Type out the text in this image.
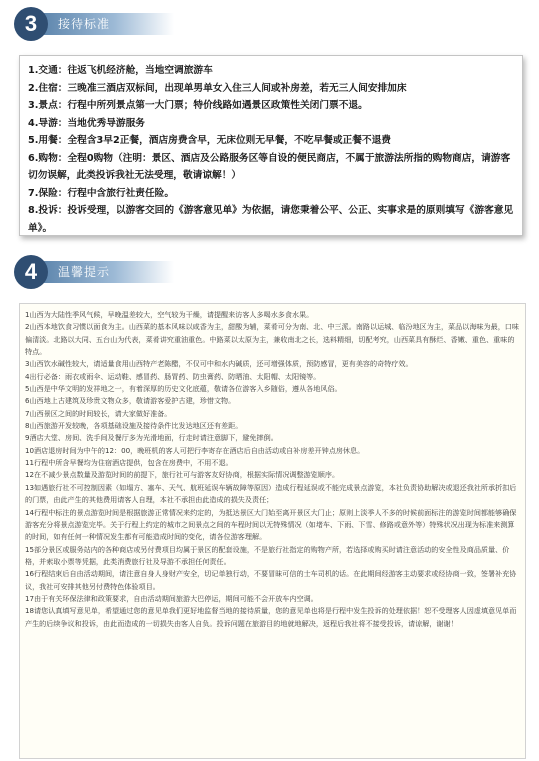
接待标准
3

1.交通：往返飞机经济舱，当地空调旅游车

2.住宿：三晚准三酒店双标间，出现单男单女入住三人间或补房差，若无三人间安排加床

3.景点：行程中所列景点第一大门票；特价线路如遇景区政策性关闭门票不退。

4.导游：当地优秀导游服务

5.用餐：全程含3早2正餐，酒店房费含早，无床位则无早餐，不吃早餐或正餐不退费

6.购物：全程0购物（注明：景区、酒店及公路服务区等自设的便民商店，不属于旅游法所指的购物商店，请游客切勿误解，此类投诉我社无法受理，敬请谅解！）

7.保险：行程中含旅行社责任险。

8.投诉：投诉受理，以游客交回的《游客意见单》为依据，请您秉着公平、公正、实事求是的原则填写《游客意见单》。

温馨提示
4

1山西为大陆性季风气候，早晚温差较大，空气较为干燥，请提醒来访客人多喝水多食水果。

2山西本地饮食习惯以面食为主。山西菜的基本风味以咸香为主，甜酸为辅，菜肴可分为南、北、中三派。南路以运城、临汾地区为主，菜品以海味为最，口味偏清淡。北路以大同、五台山为代表，菜肴讲究重油重色。中路菜以太原为主，兼收南北之长，选料精细，切配考究，山西菜具有酥烂、香嫩、重色、重味的特点。

3山西饮水碱性较大，请适量食用山西特产老陈醋，不仅可中和水内碱质，还可增强体质，预防感冒，更有美容的奇特疗效。

4出行必备：雨衣或雨伞、运动鞋、感冒药、肠胃药、防虫膏药、防晒油、太阳帽、太阳镜等。

5山西是中华文明的发祥地之一，有着深厚的历史文化底蕴，敬请各位游客入乡随俗，遵从各地风俗。

6山西地上古建筑及珍贵文物众多，敬请游客爱护古建，珍惜文物。

7山西景区之间的时间较长，请大家做好准备。

8山西旅游开发较晚，各项基础设施及接待条件比发达地区还有差距。

9酒店大堂、房间、洗手间及餐厅多为光滑地面，行走时请注意脚下，避免摔倒。

10酒店退房时间为中午的12：00，晚班机的客人可把行李寄存在酒店后自由活动或自补房差开钟点房休息。

11行程中所含早餐均为住宿酒店提供，包含在房费中，不用不退。

12在不减少景点数量及游览时间的前提下，旅行社可与游客友好协商，根据实际情况调整游览顺序。

13如遇旅行社不可控制因素（如塌方、塞车、天气、航班延误车辆故障等原因）造成行程延误或不能完成景点游览，本社负责协助解决或退还我社所承折扣后的门票，由此产生的其他费用请客人自理，本社不承担由此造成的损失及责任；

14行程中标注的景点游览时间是根据旅游正常情况来约定的，为抵达景区大门始至离开景区大门止；原则上淡季人不多的时候前面标注的游览时间都能够确保游客充分将景点游览完毕。关于行程上约定的城市之间景点之间的车程时间以无特殊情况（如堵车、下雨、下雪、修路或意外等）特殊状况出现为标准来测算的时间，如有任何一种情况发生都有可能造成时间的变化，请各位游客理解。

15部分景区或服务站内的各种商店或另付费项目均属于景区的配套设施，不是旅行社指定的购物产所，若选择或购买时请注意活动的安全性及商品质量、价格，并索取小票等凭据，此类消费旅行社及导游不承担任何责任。

16行程结束后自由活动期间，请注意自身人身财产安全，切记单独行动，不要冒昧可信的士车司机的话。在此期间经游客主动要求或经协商一致，签署补充协议，我社可安排其他另付费特色体验项目。

17由于有关环保法律和政策要求，自由活动期间旅游大巴停运，期间可能不会开放车内空调。

18请您认真填写意见单，希望通过您的意见单我们更好地监督当地的接待质量，您的意见单也将是行程中发生投诉的处理依据！恕不受理客人因虚填意见单而产生的后续争议和投诉，由此而造成的一切损失由客人自负。投诉问题在旅游目的地就地解决，返程后我社将不接受投诉，请谅解，谢谢！
